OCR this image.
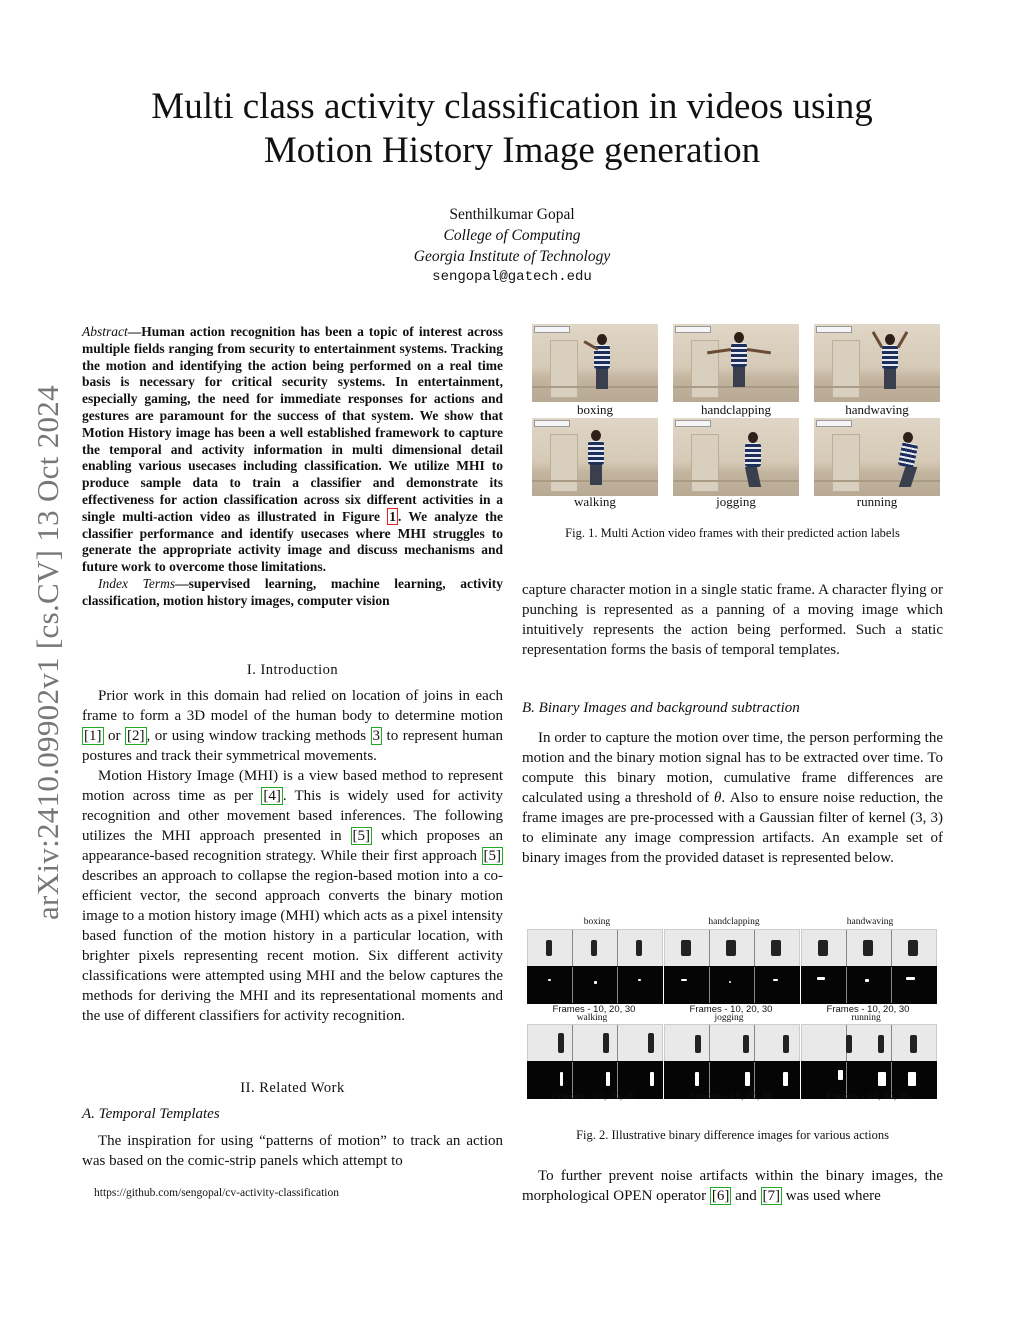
arXiv:2410.09902v1 [cs.CV] 13 Oct 2024
Multi class activity classification in videos using
Motion History Image generation
Senthilkumar Gopal
College of Computing
Georgia Institute of Technology
sengopal@gatech.edu
Abstract—Human action recognition has been a topic of interest across multiple fields ranging from security to entertainment systems. Tracking the motion and identifying the action being performed on a real time basis is necessary for critical security systems. In entertainment, especially gaming, the need for immediate responses for actions and gestures are paramount for the success of that system. We show that Motion History image has been a well established framework to capture the temporal and activity information in multi dimensional detail enabling various usecases including classification. We utilize MHI to produce sample data to train a classifier and demonstrate its effectiveness for action classification across six different activities in a single multi-action video as illustrated in Figure 1 . We analyze the classifier performance and identify usecases where MHI struggles to generate the appropriate activity image and discuss mechanisms and future work to overcome those limitations.
Index Terms—supervised learning, machine learning, activity classification, motion history images, computer vision
I. Introduction

Prior work in this domain had relied on location of joins in each frame to form a 3D model of the human body to determine motion [1] or [2] , or using window tracking methods 3 to represent human postures and track their symmetrical movements.

Motion History Image (MHI) is a view based method to represent motion across time as per [4] . This is widely used for activity recognition and other movement based inferences. The following utilizes the MHI approach presented in [5] which proposes an appearance-based recognition strategy. While their first approach [5] describes an approach to collapse the region-based motion into a co-efficient vector, the second approach converts the binary motion image to a motion history image (MHI) which acts as a pixel intensity based function of the motion history in a particular location, with brighter pixels representing recent motion. Six different activity classifications were attempted using MHI and the below captures the methods for deriving the MHI and its representational moments and the use of different classifiers for activity recognition.

II. Related Work
A. Temporal Templates

The inspiration for using “patterns of motion” to track an action was based on the comic-strip panels which attempt to

https://github.com/sengopal/cv-activity-classification
boxing	handclapping	handwaving
walking	jogging	running
Fig. 1. Multi Action video frames with their predicted action labels
capture character motion in a single static frame. A character flying or punching is represented as a panning of a moving image which intuitively represents the action being performed. Such a static representation forms the basis of temporal templates.
B. Binary Images and background subtraction

In order to capture the motion over time, the person performing the motion and the binary motion signal has to be extracted over time. To compute this binary motion, cumulative frame differences are calculated using a threshold of θ. Also to ensure noise reduction, the frame images are pre-processed with a Gaussian filter of kernel (3, 3) to eliminate any image compression artifacts. An example set of binary images from the provided dataset is represented below.

boxing	handclapping	handwaving
Frames - 10, 20, 30	Frames - 10, 20, 30	Frames - 10, 20, 30
walking	jogging	running
Frames - 10, 20, 30	Frames - 10, 20, 30	Frames - 10, 20, 30
Fig. 2. Illustrative binary difference images for various actions

To further prevent noise artifacts within the binary images, the morphological OPEN operator [6] and [7] was used where
